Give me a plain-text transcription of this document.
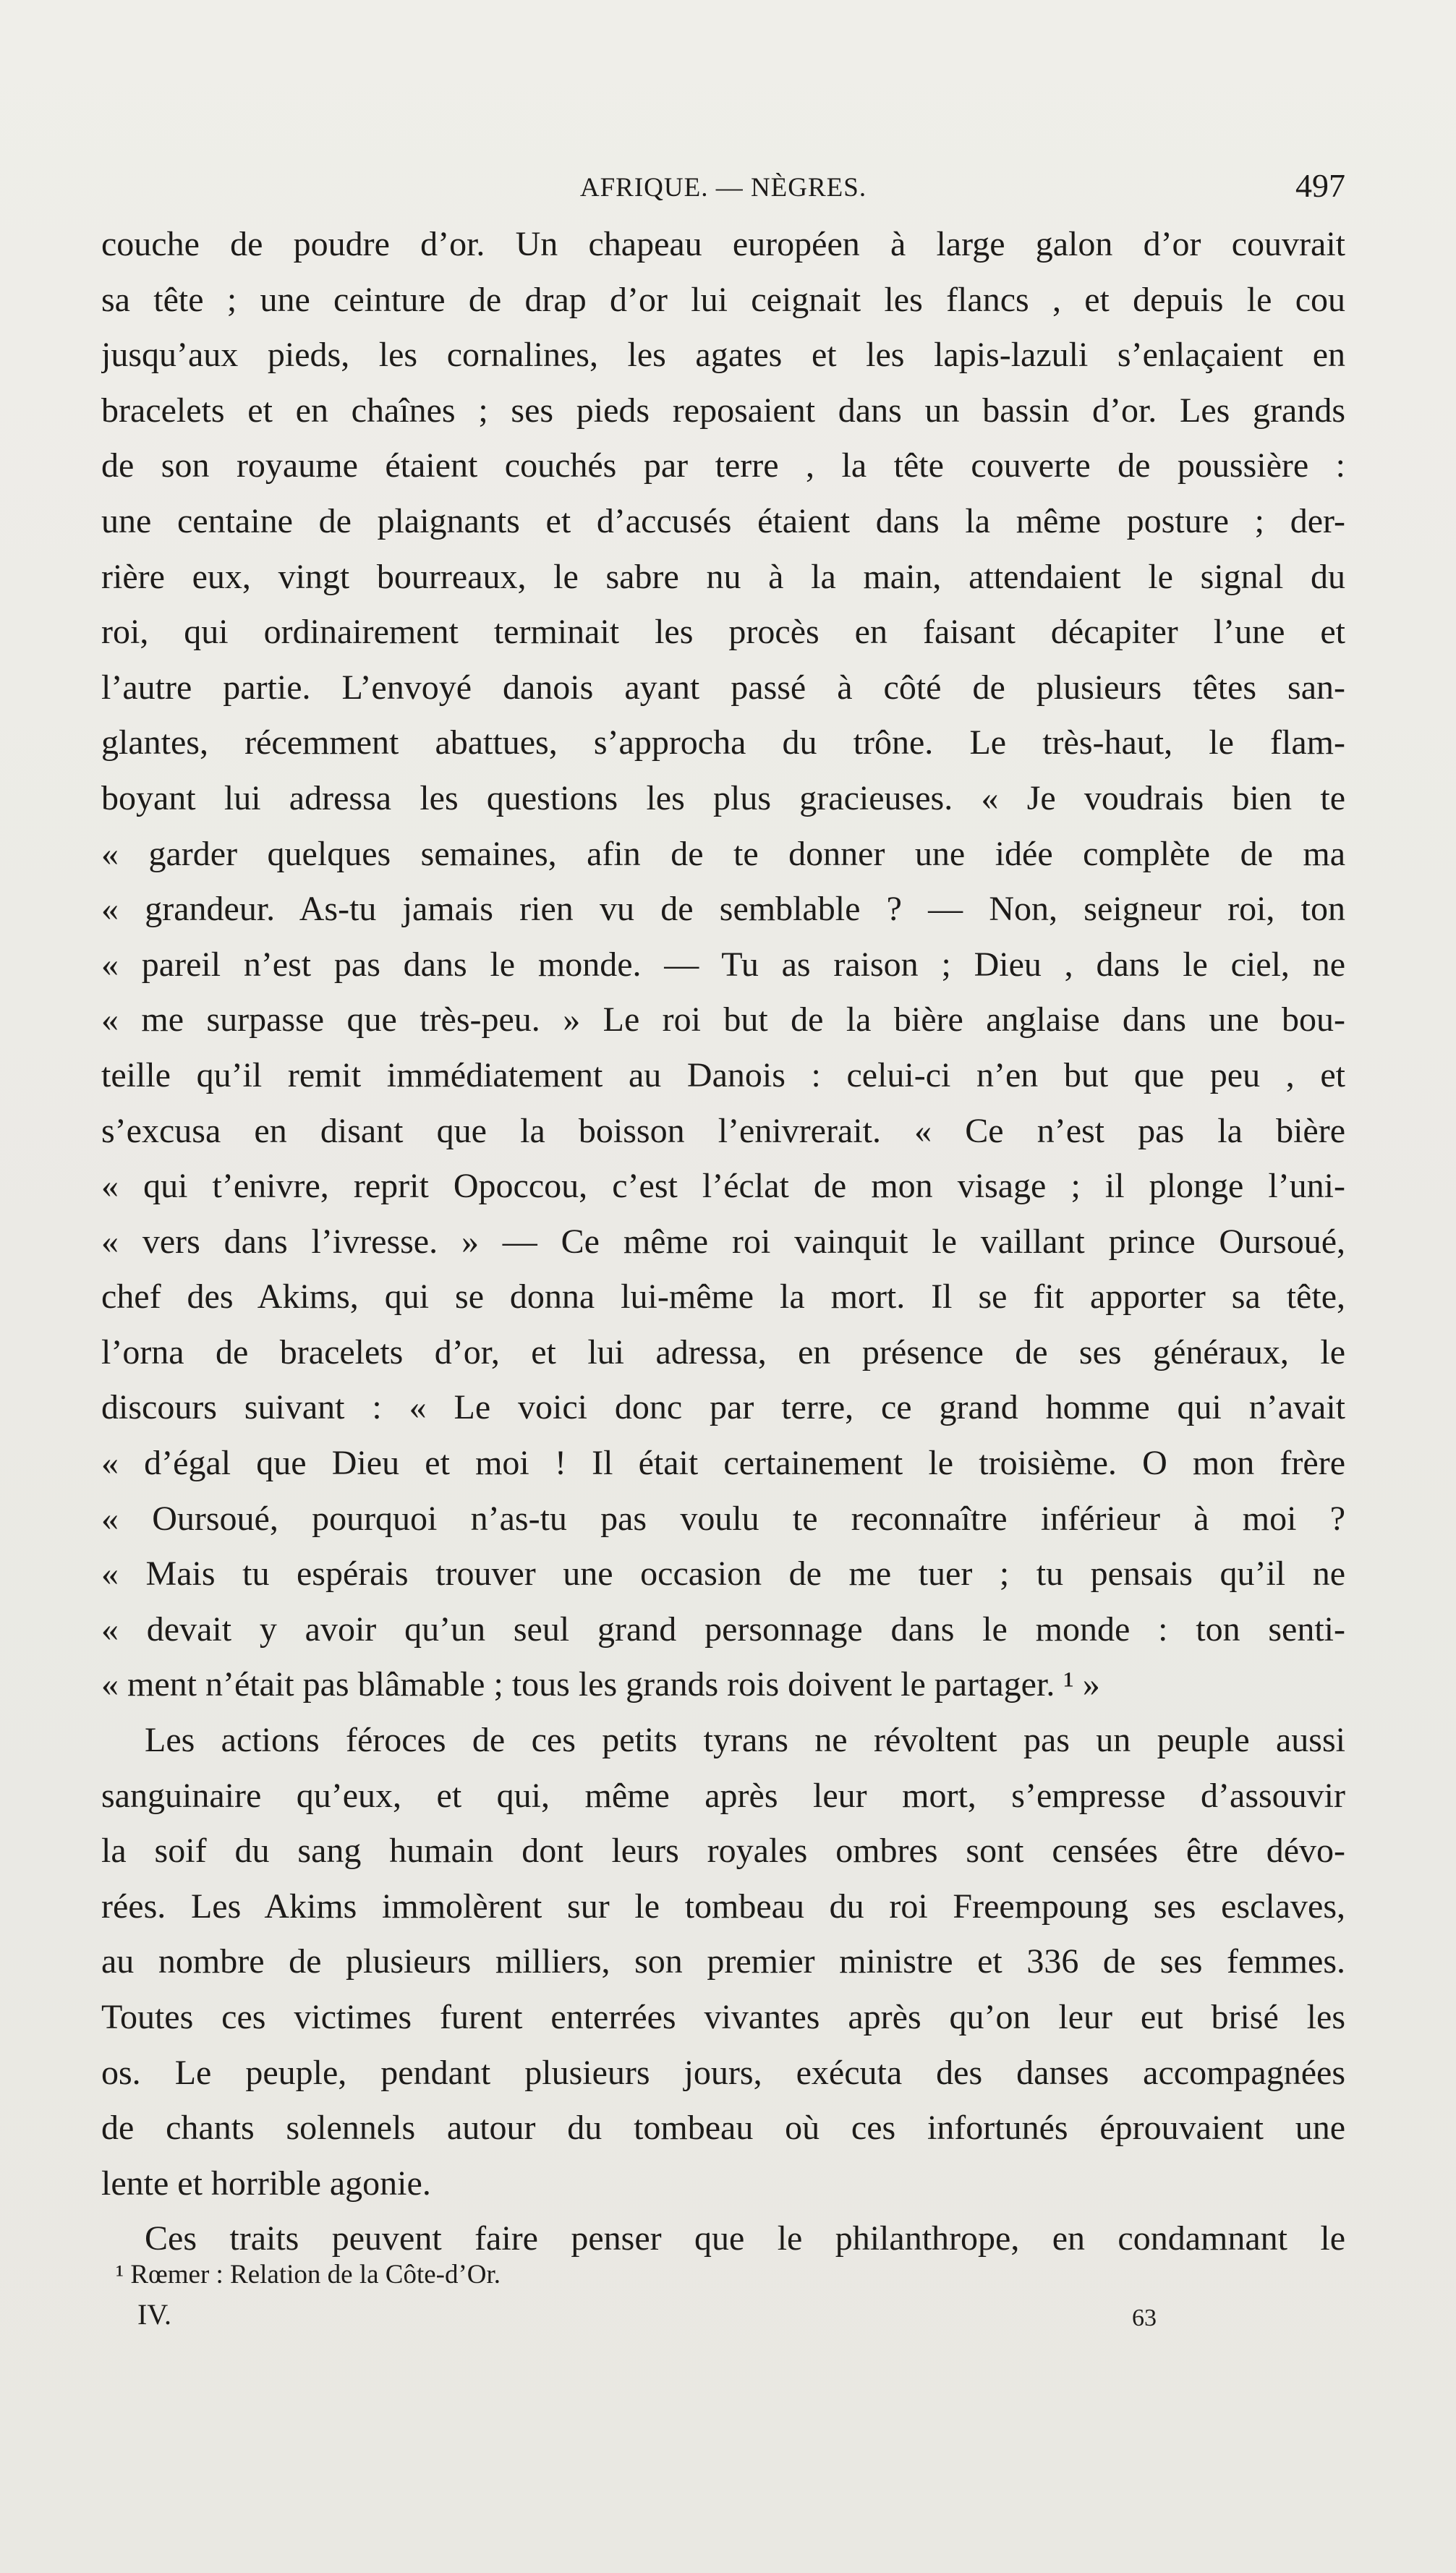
AFRIQUE. — NÈGRES.	497
couche de poudre d’or. Un chapeau européen à large galon d’or couvrait
sa tête ; une ceinture de drap d’or lui ceignait les flancs , et depuis le cou
jusqu’aux pieds, les cornalines, les agates et les lapis-lazuli s’enlaçaient en
bracelets et en chaînes ; ses pieds reposaient dans un bassin d’or. Les grands
de son royaume étaient couchés par terre , la tête couverte de poussière :
une centaine de plaignants et d’accusés étaient dans la même posture ; der-
rière eux, vingt bourreaux, le sabre nu à la main, attendaient le signal du
roi, qui ordinairement terminait les procès en faisant décapiter l’une et
l’autre partie. L’envoyé danois ayant passé à côté de plusieurs têtes san-
glantes, récemment abattues, s’approcha du trône. Le très-haut, le flam-
boyant lui adressa les questions les plus gracieuses. « Je voudrais bien te
« garder quelques semaines, afin de te donner une idée complète de ma
« grandeur. As-tu jamais rien vu de semblable ? — Non, seigneur roi, ton
« pareil n’est pas dans le monde. — Tu as raison ; Dieu , dans le ciel, ne
« me surpasse que très-peu. » Le roi but de la bière anglaise dans une bou-
teille qu’il remit immédiatement au Danois : celui-ci n’en but que peu , et
s’excusa en disant que la boisson l’enivrerait. « Ce n’est pas la bière
« qui t’enivre, reprit Opoccou, c’est l’éclat de mon visage ; il plonge l’uni-
« vers dans l’ivresse. » — Ce même roi vainquit le vaillant prince Oursoué,
chef des Akims, qui se donna lui-même la mort. Il se fit apporter sa tête,
l’orna de bracelets d’or, et lui adressa, en présence de ses généraux, le
discours suivant : « Le voici donc par terre, ce grand homme qui n’avait
« d’égal que Dieu et moi ! Il était certainement le troisième. O mon frère
« Oursoué, pourquoi n’as-tu pas voulu te reconnaître inférieur à moi ?
« Mais tu espérais trouver une occasion de me tuer ; tu pensais qu’il ne
« devait y avoir qu’un seul grand personnage dans le monde : ton senti-
« ment n’était pas blâmable ; tous les grands rois doivent le partager. ¹ »
Les actions féroces de ces petits tyrans ne révoltent pas un peuple aussi
sanguinaire qu’eux, et qui, même après leur mort, s’empresse d’assouvir
la soif du sang humain dont leurs royales ombres sont censées être dévo-
rées. Les Akims immolèrent sur le tombeau du roi Freempoung ses esclaves,
au nombre de plusieurs milliers, son premier ministre et 336 de ses femmes.
Toutes ces victimes furent enterrées vivantes après qu’on leur eut brisé les
os. Le peuple, pendant plusieurs jours, exécuta des danses accompagnées
de chants solennels autour du tombeau où ces infortunés éprouvaient une
lente et horrible agonie.
Ces traits peuvent faire penser que le philanthrope, en condamnant le
¹ Rœmer : Relation de la Côte-d’Or.
IV.	63
